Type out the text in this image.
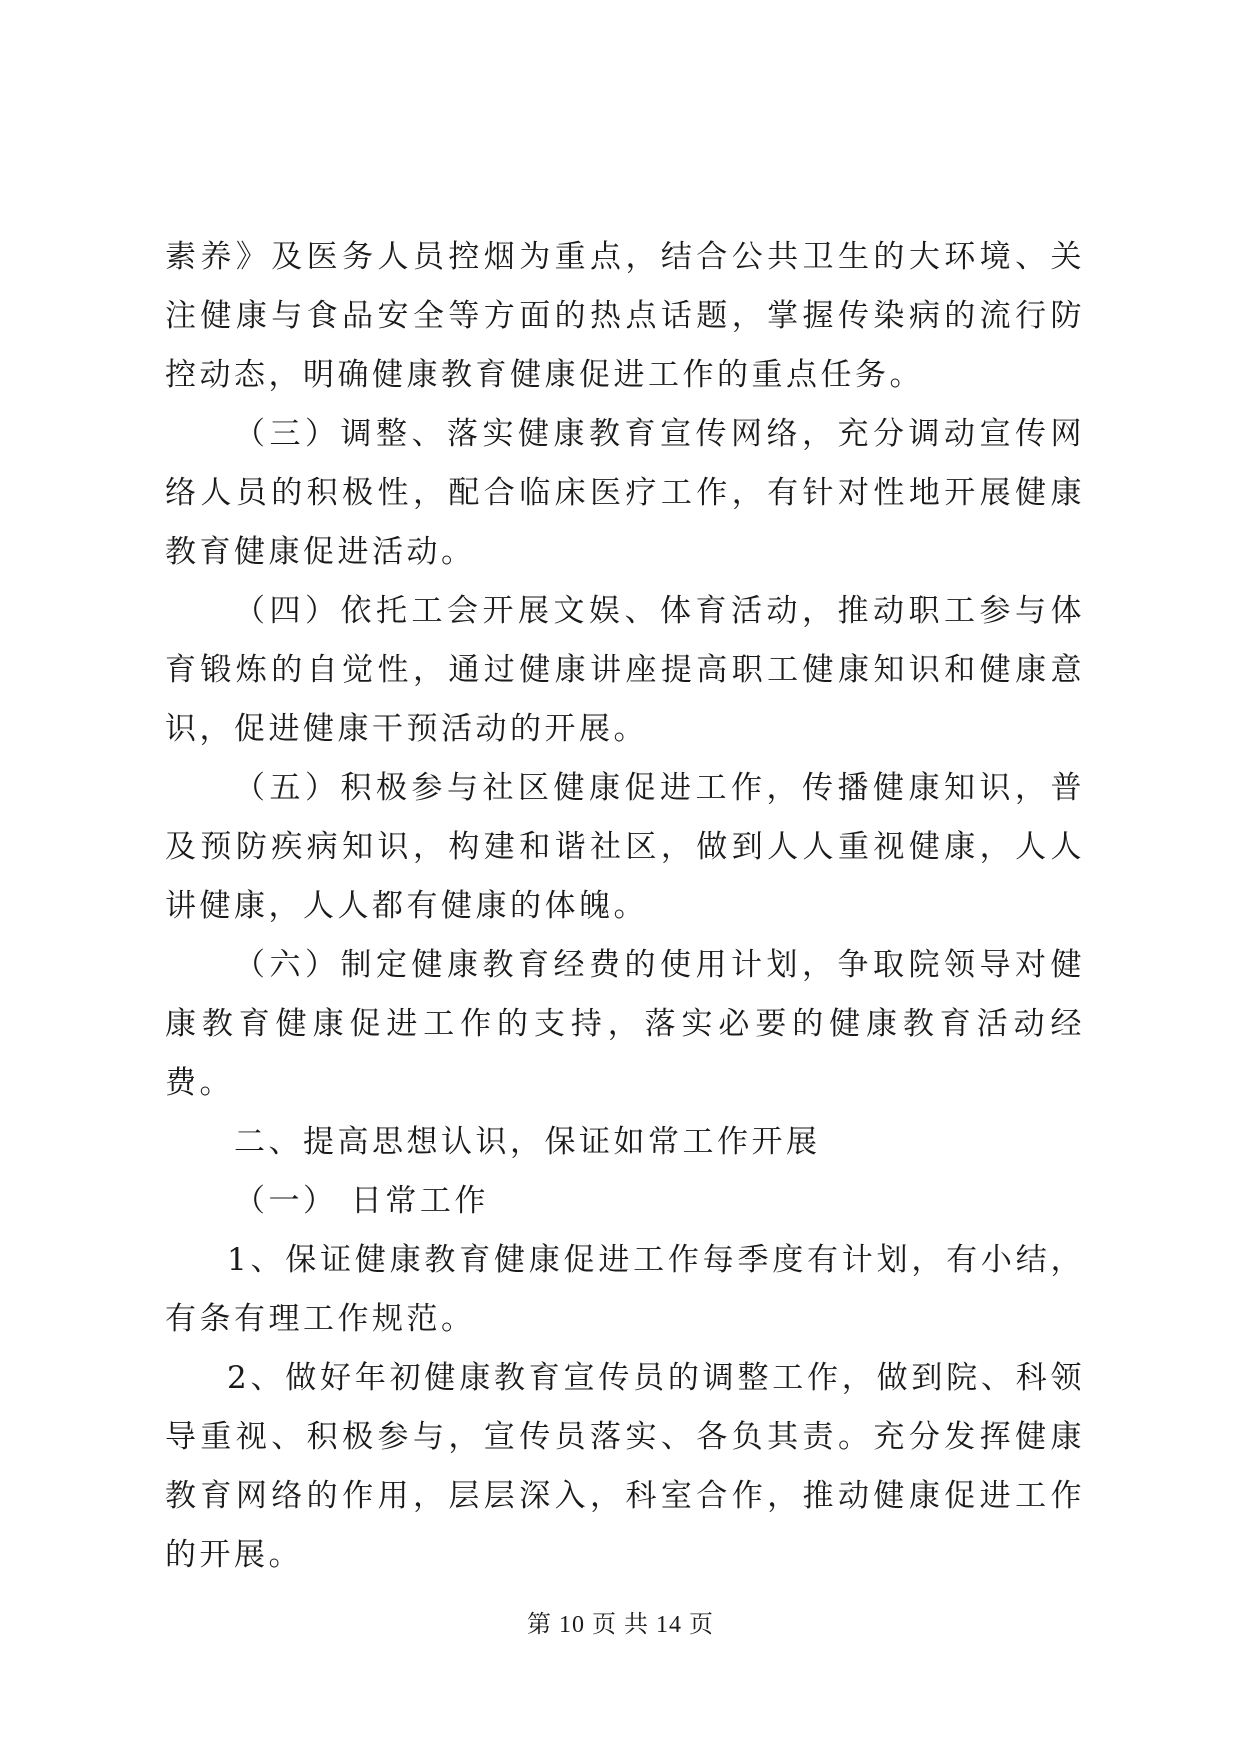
素养》及医务人员控烟为重点，结合公共卫生的大环境、关注健康与食品安全等方面的热点话题，掌握传染病的流行防控动态，明确健康教育健康促进工作的重点任务。

（三）调整、落实健康教育宣传网络，充分调动宣传网络人员的积极性，配合临床医疗工作，有针对性地开展健康教育健康促进活动。

（四）依托工会开展文娱、体育活动，推动职工参与体育锻炼的自觉性，通过健康讲座提高职工健康知识和健康意识，促进健康干预活动的开展。

（五）积极参与社区健康促进工作，传播健康知识，普及预防疾病知识，构建和谐社区，做到人人重视健康，人人讲健康，人人都有健康的体魄。

（六）制定健康教育经费的使用计划，争取院领导对健康教育健康促进工作的支持，落实必要的健康教育活动经费。

二、提高思想认识，保证如常工作开展

（一） 日常工作

1、保证健康教育健康促进工作每季度有计划，有小结，有条有理工作规范。

2、做好年初健康教育宣传员的调整工作，做到院、科领导重视、积极参与，宣传员落实、各负其责。充分发挥健康教育网络的作用，层层深入，科室合作，推动健康促进工作的开展。

第 10 页 共 14 页
